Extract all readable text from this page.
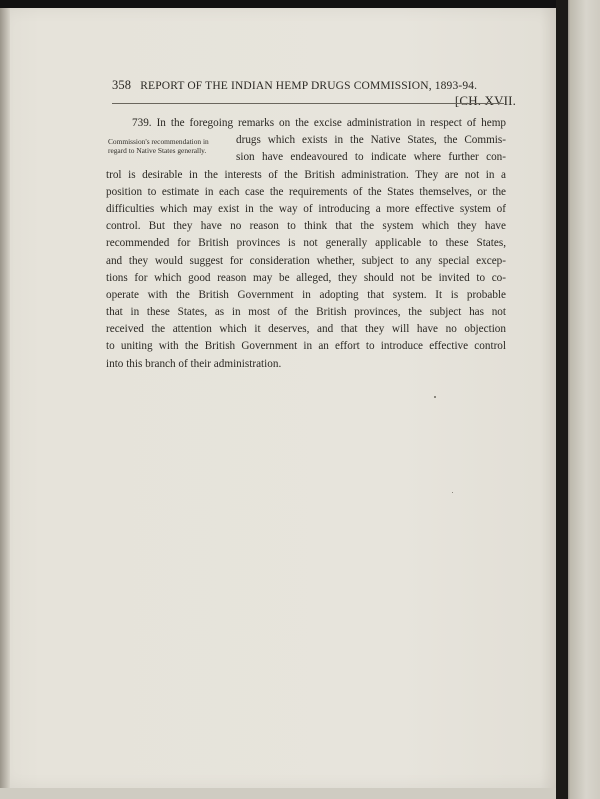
358 REPORT OF THE INDIAN HEMP DRUGS COMMISSION, 1893-94.
[CH. XVII.
Commission's recommendation in
regard to Native States generally.
739. In the foregoing remarks on the excise administration in respect of hemp
drugs which exists in the Native States, the Commis-
sion have endeavoured to indicate where further con-
trol is desirable in the interests of the British administration. They are not in a
position to estimate in each case the requirements of the States themselves, or the
difficulties which may exist in the way of introducing a more effective system of
control. But they have no reason to think that the system which they have
recommended for British provinces is not generally applicable to these States,
and they would suggest for consideration whether, subject to any special excep-
tions for which good reason may be alleged, they should not be invited to co-
operate with the British Government in adopting that system. It is probable
that in these States, as in most of the British provinces, the subject has not
received the attention which it deserves, and that they will have no objection
to uniting with the British Government in an effort to introduce effective control
into this branch of their administration.
